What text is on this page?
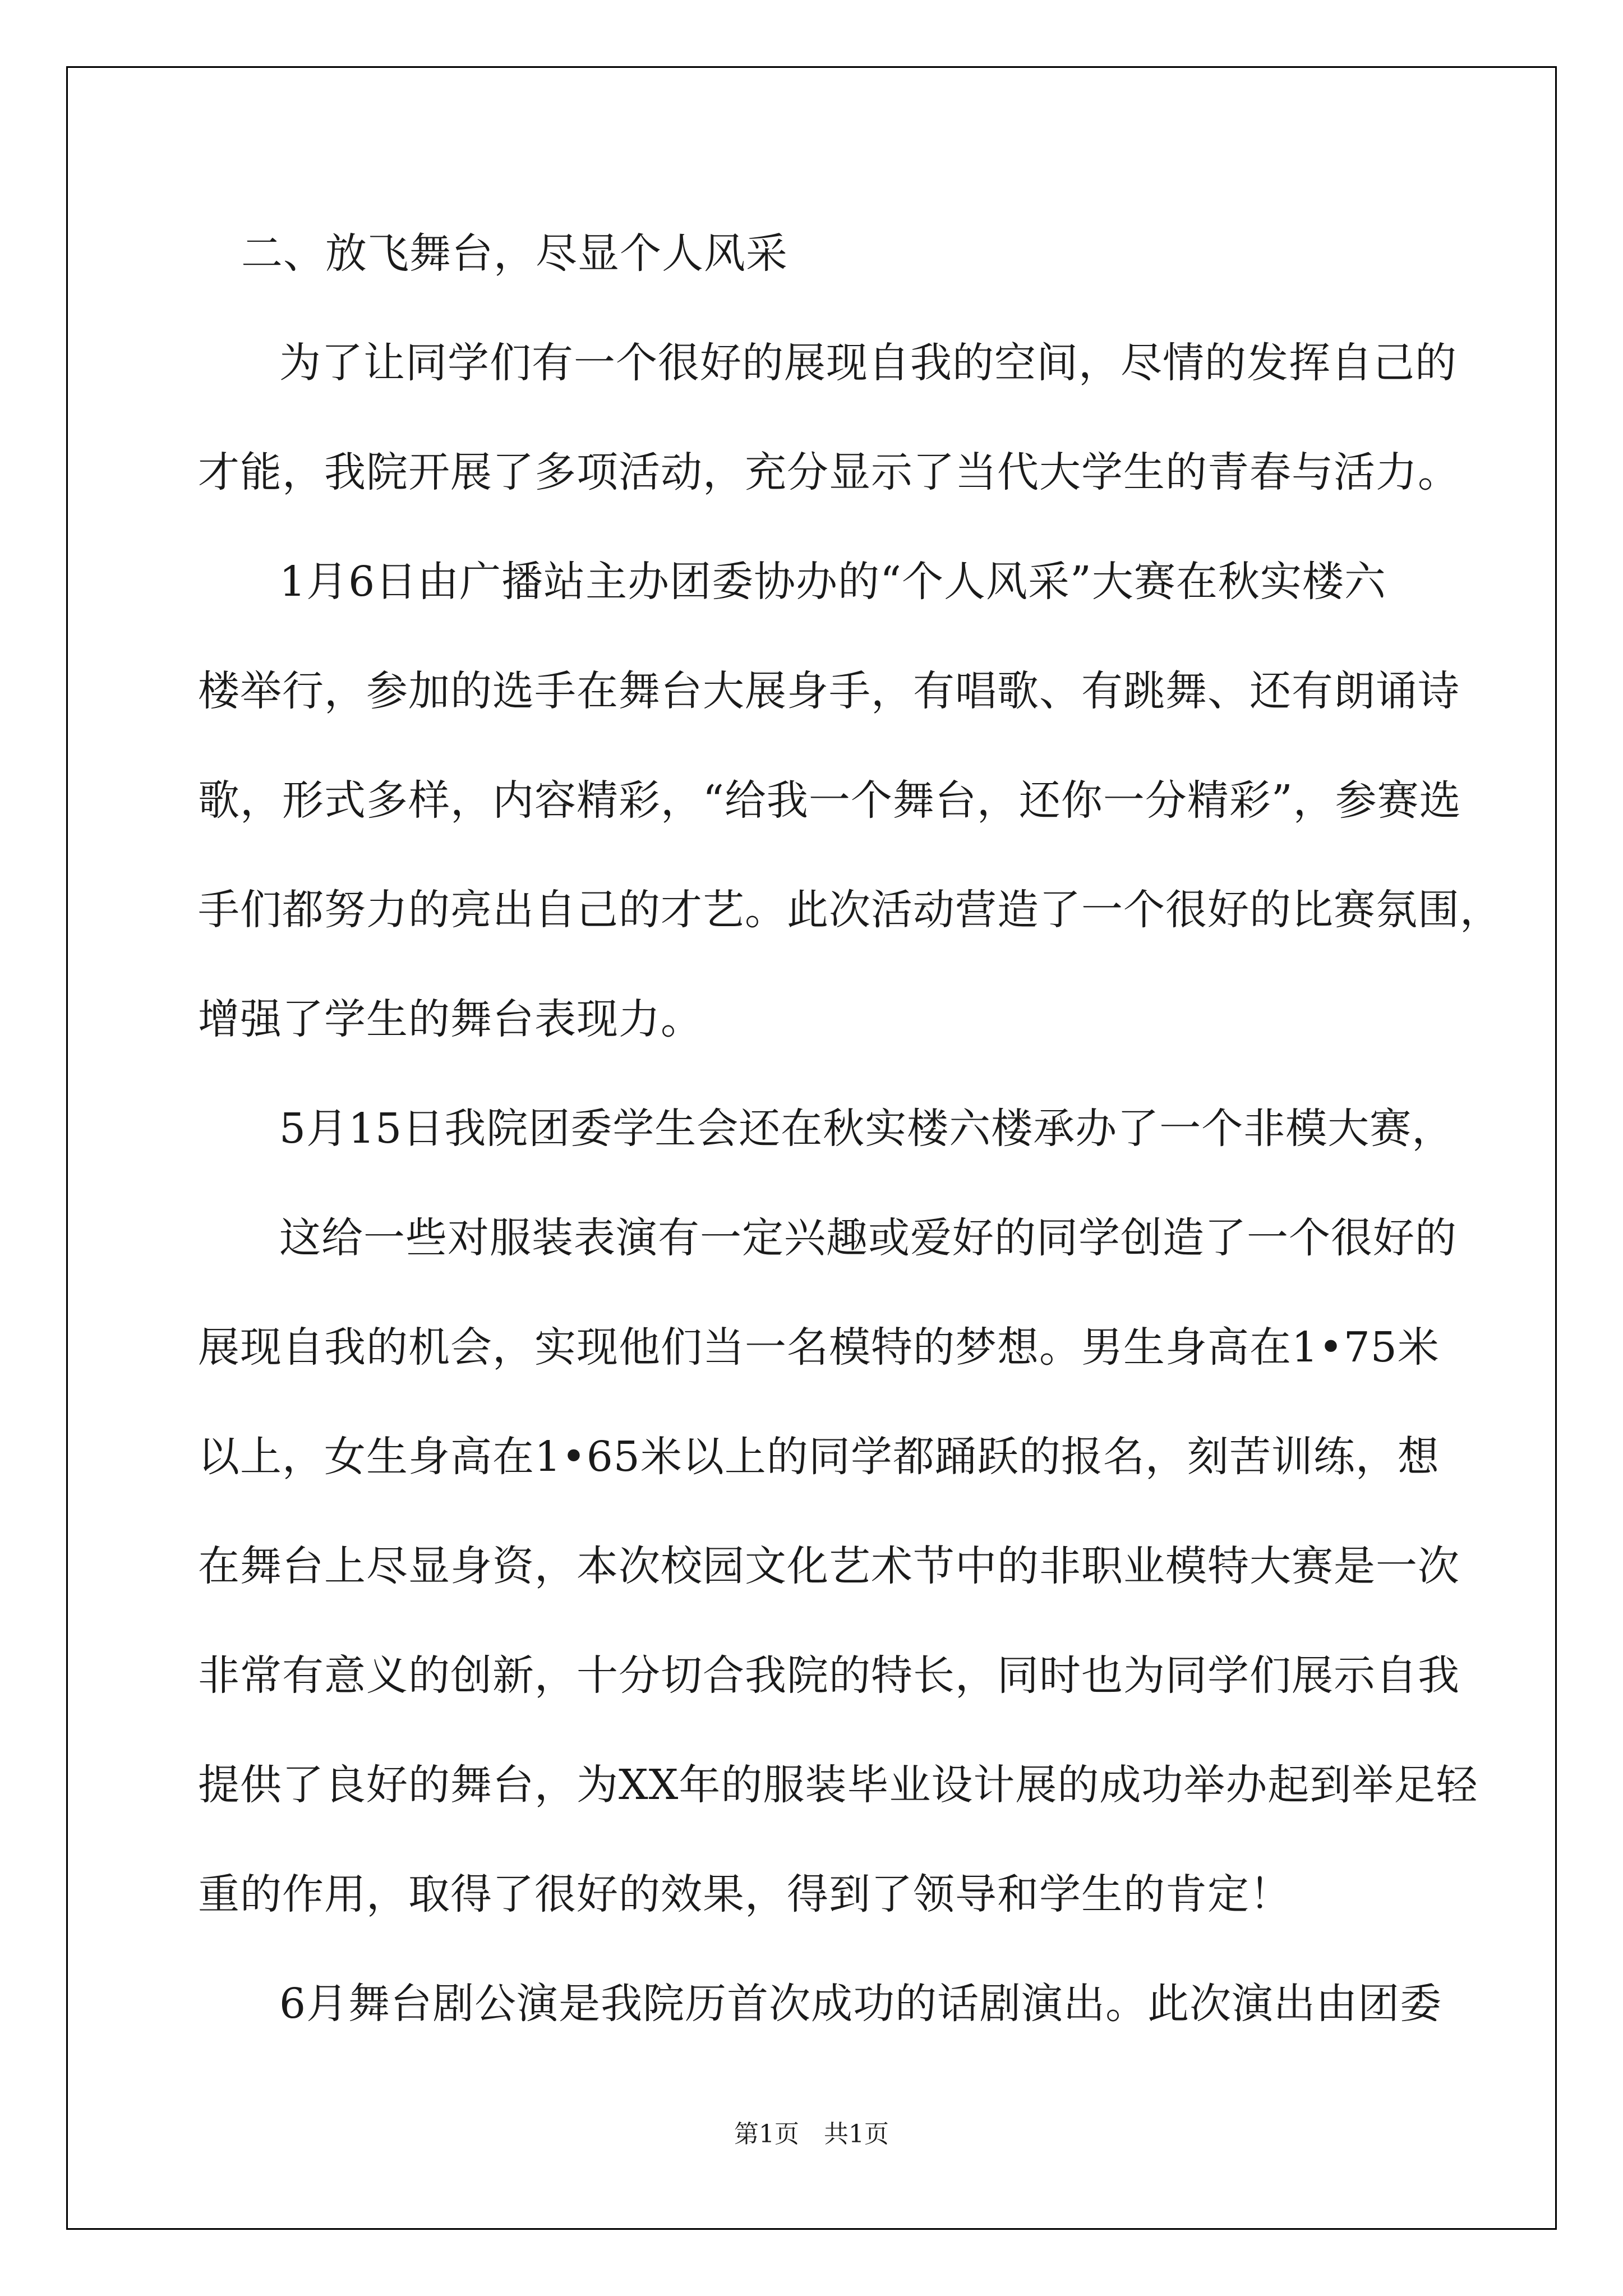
二、放飞舞台，尽显个人风采
为了让同学们有一个很好的展现自我的空间，尽情的发挥自己的
才能，我院开展了多项活动，充分显示了当代大学生的青春与活力。
1月6日由广播站主办团委协办的“个人风采”大赛在秋实楼六
楼举行，参加的选手在舞台大展身手，有唱歌、有跳舞、还有朗诵诗
歌，形式多样，内容精彩，“给我一个舞台，还你一分精彩”，参赛选
手们都努力的亮出自己的才艺。此次活动营造了一个很好的比赛氛围，
增强了学生的舞台表现力。
5月15日我院团委学生会还在秋实楼六楼承办了一个非模大赛，
这给一些对服装表演有一定兴趣或爱好的同学创造了一个很好的
展现自我的机会，实现他们当一名模特的梦想。男生身高在1•75米
以上，女生身高在1•65米以上的同学都踊跃的报名，刻苦训练，想
在舞台上尽显身资，本次校园文化艺术节中的非职业模特大赛是一次
非常有意义的创新，十分切合我院的特长，同时也为同学们展示自我
提供了良好的舞台，为XX年的服装毕业设计展的成功举办起到举足轻
重的作用，取得了很好的效果，得到了领导和学生的肯定！
6月舞台剧公演是我院历首次成功的话剧演出。此次演出由团委
第1页　共1页
